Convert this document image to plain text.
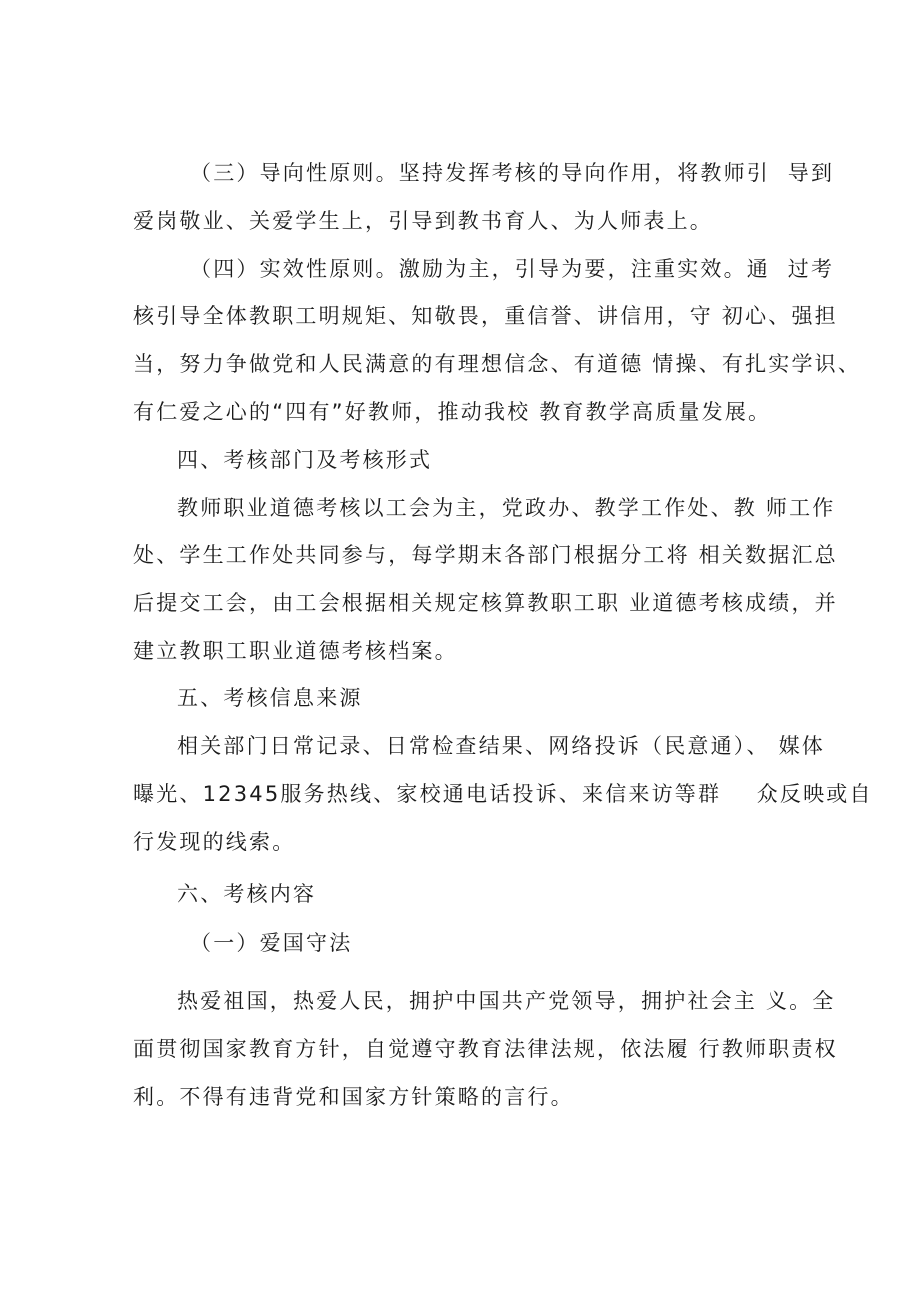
（三）导向性原则。坚持发挥考核的导向作用，将教师引  导到

爱岗敬业、关爱学生上，引导到教书育人、为人师表上。

（四）实效性原则。激励为主，引导为要，注重实效。通  过考

核引导全体教职工明规矩、知敬畏，重信誉、讲信用，守 初心、强担

当，努力争做党和人民满意的有理想信念、有道德 情操、有扎实学识、

有仁爱之心的“四有”好教师，推动我校 教育教学高质量发展。

四、考核部门及考核形式

教师职业道德考核以工会为主，党政办、教学工作处、教 师工作

处、学生工作处共同参与，每学期末各部门根据分工将 相关数据汇总

后提交工会，由工会根据相关规定核算教职工职 业道德考核成绩，并

建立教职工职业道德考核档案。

五、考核信息来源

相关部门日常记录、日常检查结果、网络投诉（民意通）、 媒体

曝光、12345服务热线、家校通电话投诉、来信来访等群    众反映或自

行发现的线索。

六、考核内容

（一）爱国守法

热爱祖国，热爱人民，拥护中国共产党领导，拥护社会主 义。全

面贯彻国家教育方针，自觉遵守教育法律法规，依法履 行教师职责权

利。不得有违背党和国家方针策略的言行。
